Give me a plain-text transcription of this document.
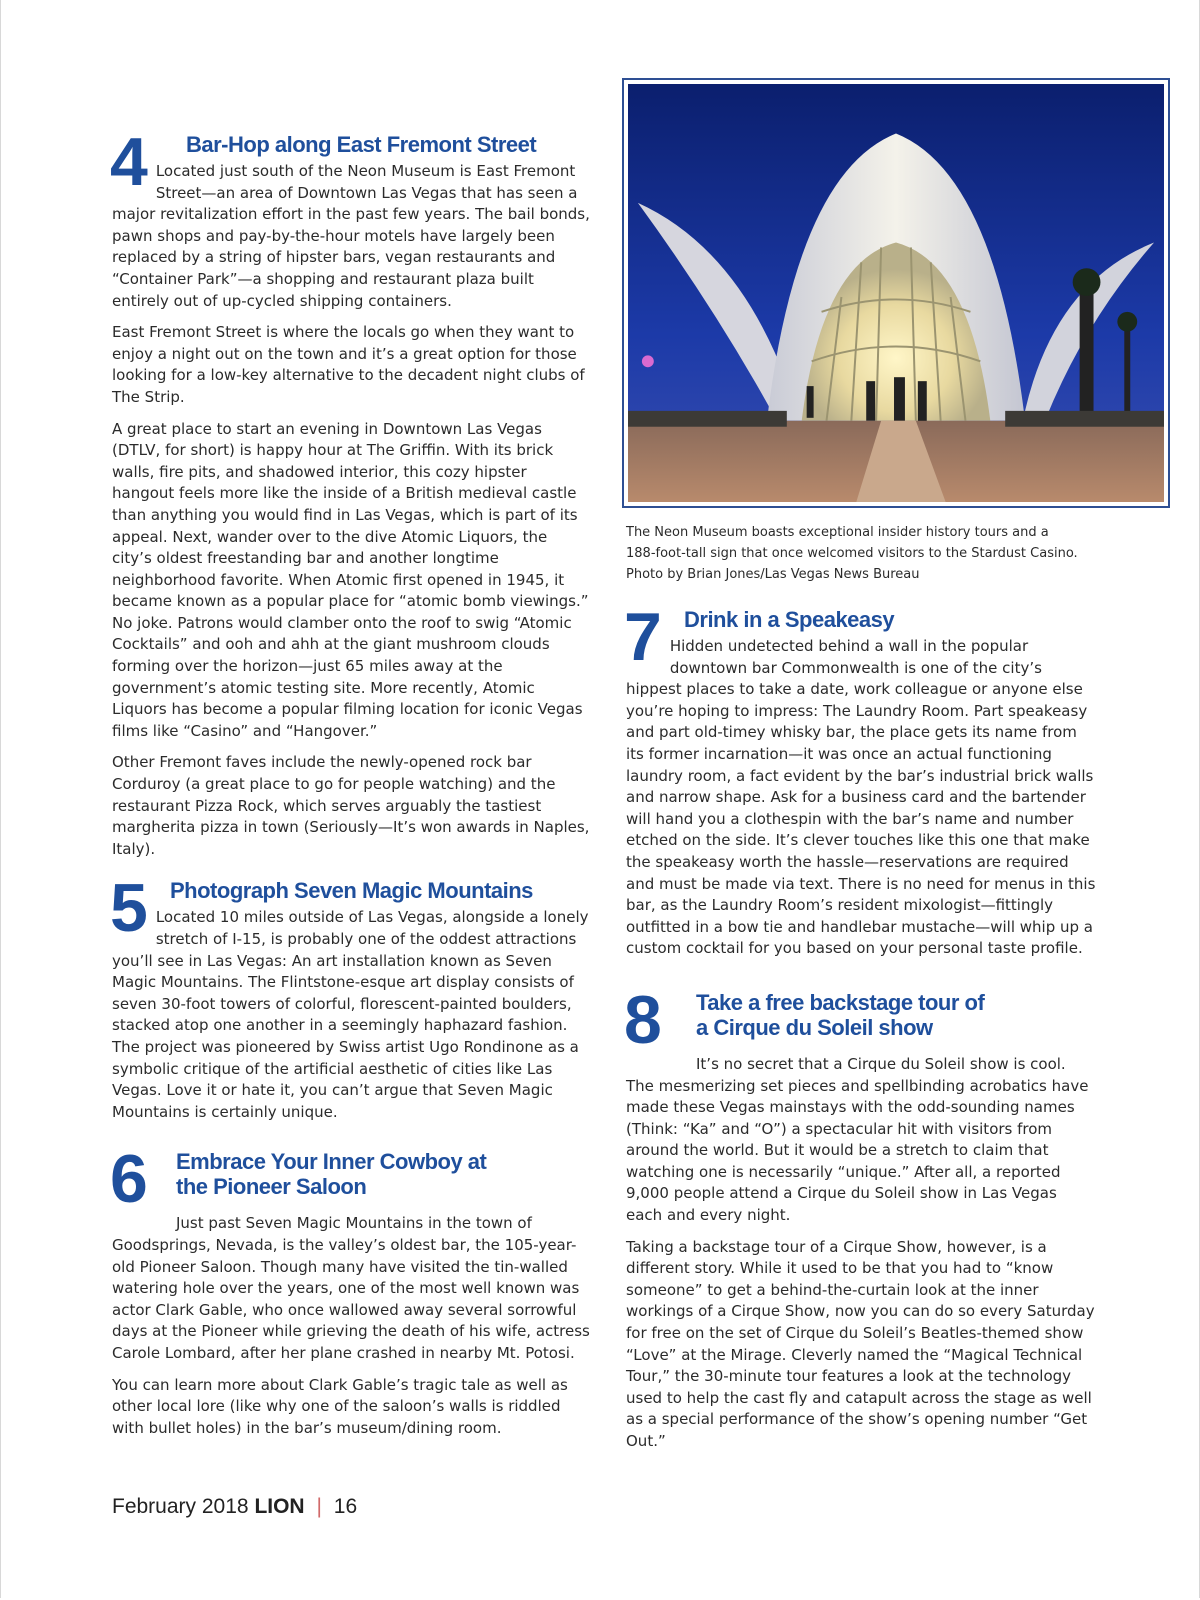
4 Bar-Hop along East Fremont Street

Located just south of the Neon Museum is East Fremont Street—an area of Downtown Las Vegas that has seen a major revitalization effort in the past few years. The bail bonds, pawn shops and pay-by-the-hour motels have largely been replaced by a string of hipster bars, vegan restaurants and “Container Park”—a shopping and restaurant plaza built entirely out of up-cycled shipping containers.

East Fremont Street is where the locals go when they want to enjoy a night out on the town and it’s a great option for those looking for a low-key alternative to the decadent night clubs of The Strip.

A great place to start an evening in Downtown Las Vegas (DTLV, for short) is happy hour at The Griffin. With its brick walls, fire pits, and shadowed interior, this cozy hipster hangout feels more like the inside of a British medieval castle than anything you would find in Las Vegas, which is part of its appeal. Next, wander over to the dive Atomic Liquors, the city’s oldest freestanding bar and another longtime neighborhood favorite. When Atomic first opened in 1945, it became known as a popular place for “atomic bomb viewings.” No joke. Patrons would clamber onto the roof to swig “Atomic Cocktails” and ooh and ahh at the giant mushroom clouds forming over the horizon—just 65 miles away at the government’s atomic testing site. More recently, Atomic Liquors has become a popular filming location for iconic Vegas films like “Casino” and “Hangover.”

Other Fremont faves include the newly-opened rock bar Corduroy (a great place to go for people watching) and the restaurant Pizza Rock, which serves arguably the tastiest margherita pizza in town (Seriously—It’s won awards in Naples, Italy).

5 Photograph Seven Magic Mountains

Located 10 miles outside of Las Vegas, alongside a lonely stretch of I-15, is probably one of the oddest attractions you’ll see in Las Vegas: An art installation known as Seven Magic Mountains. The Flintstone-esque art display consists of seven 30-foot towers of colorful, florescent-painted boulders, stacked atop one another in a seemingly haphazard fashion. The project was pioneered by Swiss artist Ugo Rondinone as a symbolic critique of the artificial aesthetic of cities like Las Vegas. Love it or hate it, you can’t argue that Seven Magic Mountains is certainly unique.

6 Embrace Your Inner Cowboy at the Pioneer Saloon

Just past Seven Magic Mountains in the town of Goodsprings, Nevada, is the valley’s oldest bar, the 105-year-old Pioneer Saloon. Though many have visited the tin-walled watering hole over the years, one of the most well known was actor Clark Gable, who once wallowed away several sorrowful days at the Pioneer while grieving the death of his wife, actress Carole Lombard, after her plane crashed in nearby Mt. Potosi.

You can learn more about Clark Gable’s tragic tale as well as other local lore (like why one of the saloon’s walls is riddled with bullet holes) in the bar’s museum/dining room.

The Neon Museum boasts exceptional insider history tours and a
188-foot-tall sign that once welcomed visitors to the Stardust Casino.
Photo by Brian Jones/Las Vegas News Bureau
7 Drink in a Speakeasy

Hidden undetected behind a wall in the popular downtown bar Commonwealth is one of the city’s hippest places to take a date, work colleague or anyone else you’re hoping to impress: The Laundry Room. Part speakeasy and part old-timey whisky bar, the place gets its name from its former incarnation—it was once an actual functioning laundry room, a fact evident by the bar’s industrial brick walls and narrow shape. Ask for a business card and the bartender will hand you a clothespin with the bar’s name and number etched on the side. It’s clever touches like this one that make the speakeasy worth the hassle—reservations are required and must be made via text. There is no need for menus in this bar, as the Laundry Room’s resident mixologist—fittingly outfitted in a bow tie and handlebar mustache—will whip up a custom cocktail for you based on your personal taste profile.

8 Take a free backstage tour of a Cirque du Soleil show

It’s no secret that a Cirque du Soleil show is cool. The mesmerizing set pieces and spellbinding acrobatics have made these Vegas mainstays with the odd-sounding names (Think: “Ka” and “O”) a spectacular hit with visitors from around the world. But it would be a stretch to claim that watching one is necessarily “unique.” After all, a reported 9,000 people attend a Cirque du Soleil show in Las Vegas each and every night.

Taking a backstage tour of a Cirque Show, however, is a different story. While it used to be that you had to “know someone” to get a behind-the-curtain look at the inner workings of a Cirque Show, now you can do so every Saturday for free on the set of Cirque du Soleil’s Beatles-themed show “Love” at the Mirage. Cleverly named the “Magical Technical Tour,” the 30-minute tour features a look at the technology used to help the cast fly and catapult across the stage as well as a special performance of the show’s opening number “Get Out.”

February 2018 LION | 16
